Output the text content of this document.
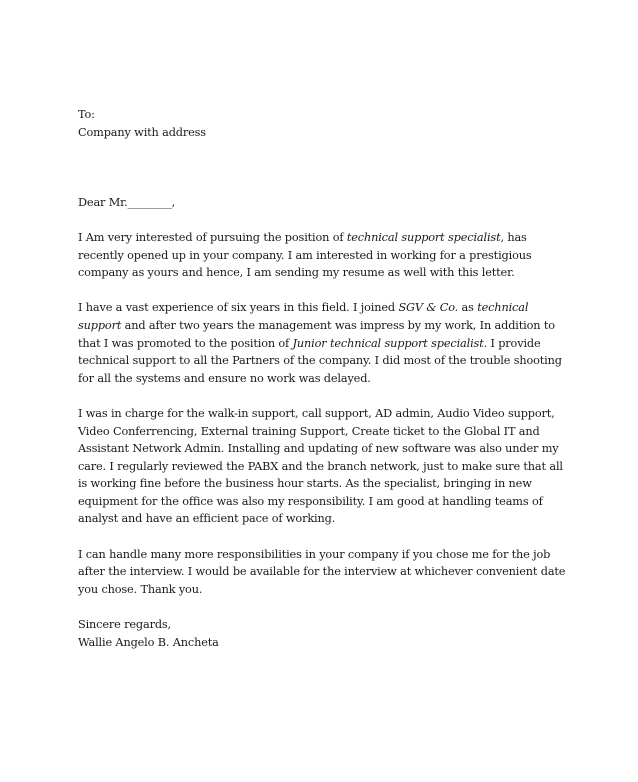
To:

Company with address

Dear Mr.________,

I Am very interested of pursuing the position of technical support specialist, has recently opened up in your company. I am interested in working for a prestigious company as yours and hence, I am sending my resume as well with this letter.

I have a vast experience of six years in this field. I joined SGV & Co. as technical support and after two years the management was impress by my work, In addition to that I was promoted to the position of Junior technical support specialist. I provide technical support to all the Partners of the company. I did most of the trouble shooting for all the systems and ensure no work was delayed.

I was in charge for the walk-in support, call support, AD admin, Audio Video support, Video Conferrencing, External training Support, Create ticket to the Global IT and Assistant Network Admin. Installing and updating of new software was also under my care. I regularly reviewed the PABX and the branch network, just to make sure that all is working fine before the business hour starts. As the specialist, bringing in new equipment for the office was also my responsibility. I am good at handling teams of analyst and have an efficient pace of working.

I can handle many more responsibilities in your company if you chose me for the job after the interview. I would be available for the interview at whichever convenient date you chose. Thank you.

Sincere regards,

Wallie Angelo B. Ancheta
